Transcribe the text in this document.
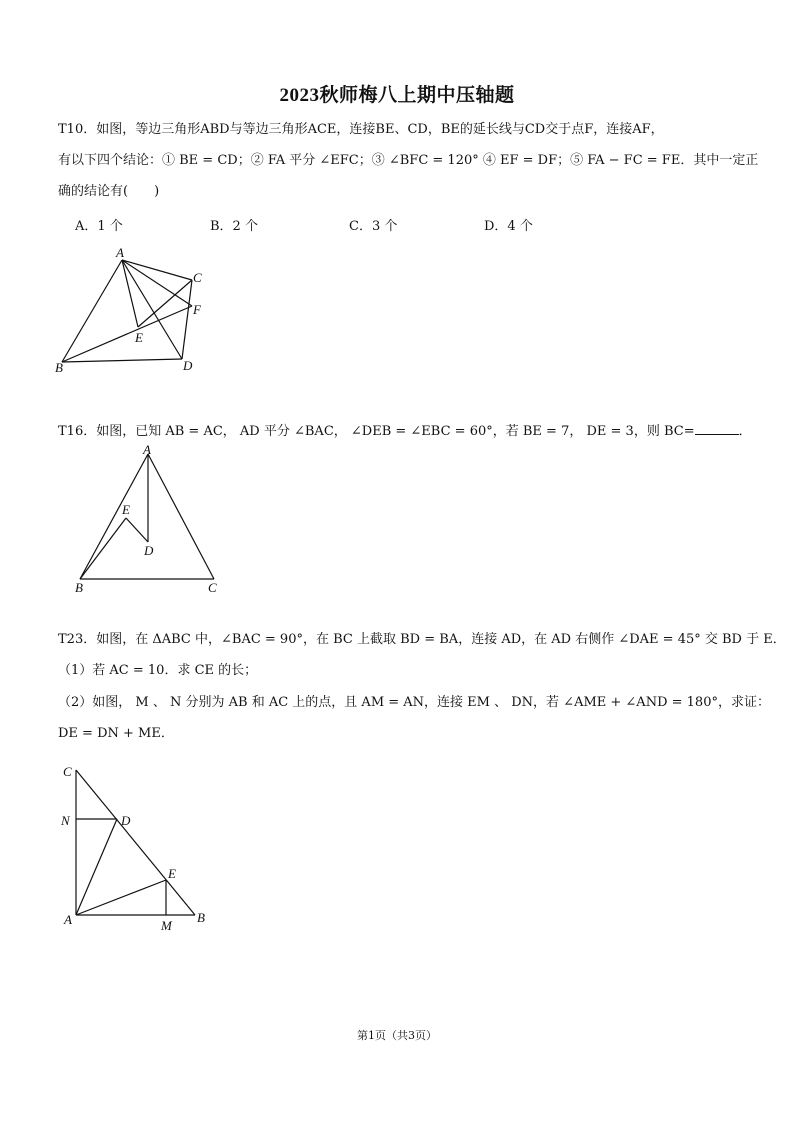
2023秋师梅八上期中压轴题
T10．如图，等边三角形ABD与等边三角形ACE，连接BE、CD，BE的延长线与CD交于点F，连接AF，
有以下四个结论：① BE = CD；② FA 平分 ∠EFC；③ ∠BFC = 120° ④ EF = DF；⑤ FA − FC = FE．其中一定正
确的结论有(　　)
A．1 个	B．2 个	C．3 个	D．4 个
A
C
F
E
B	D
T16．如图，已知 AB = AC， AD 平分 ∠BAC， ∠DEB = ∠EBC = 60°，若 BE = 7， DE = 3，则 BC=	．
A
E
D
B	C
T23．如图，在 ΔABC 中，∠BAC = 90°，在 BC 上截取 BD = BA，连接 AD，在 AD 右侧作 ∠DAE = 45° 交 BD 于 E．
（1）若 AC = 10．求 CE 的长；
（2）如图， M 、 N 分别为 AB 和 AC 上的点，且 AM = AN，连接 EM 、 DN，若 ∠AME + ∠AND = 180°，求证：
DE = DN + ME．
C
N	D
E
A	M
B
第1页（共3页）
